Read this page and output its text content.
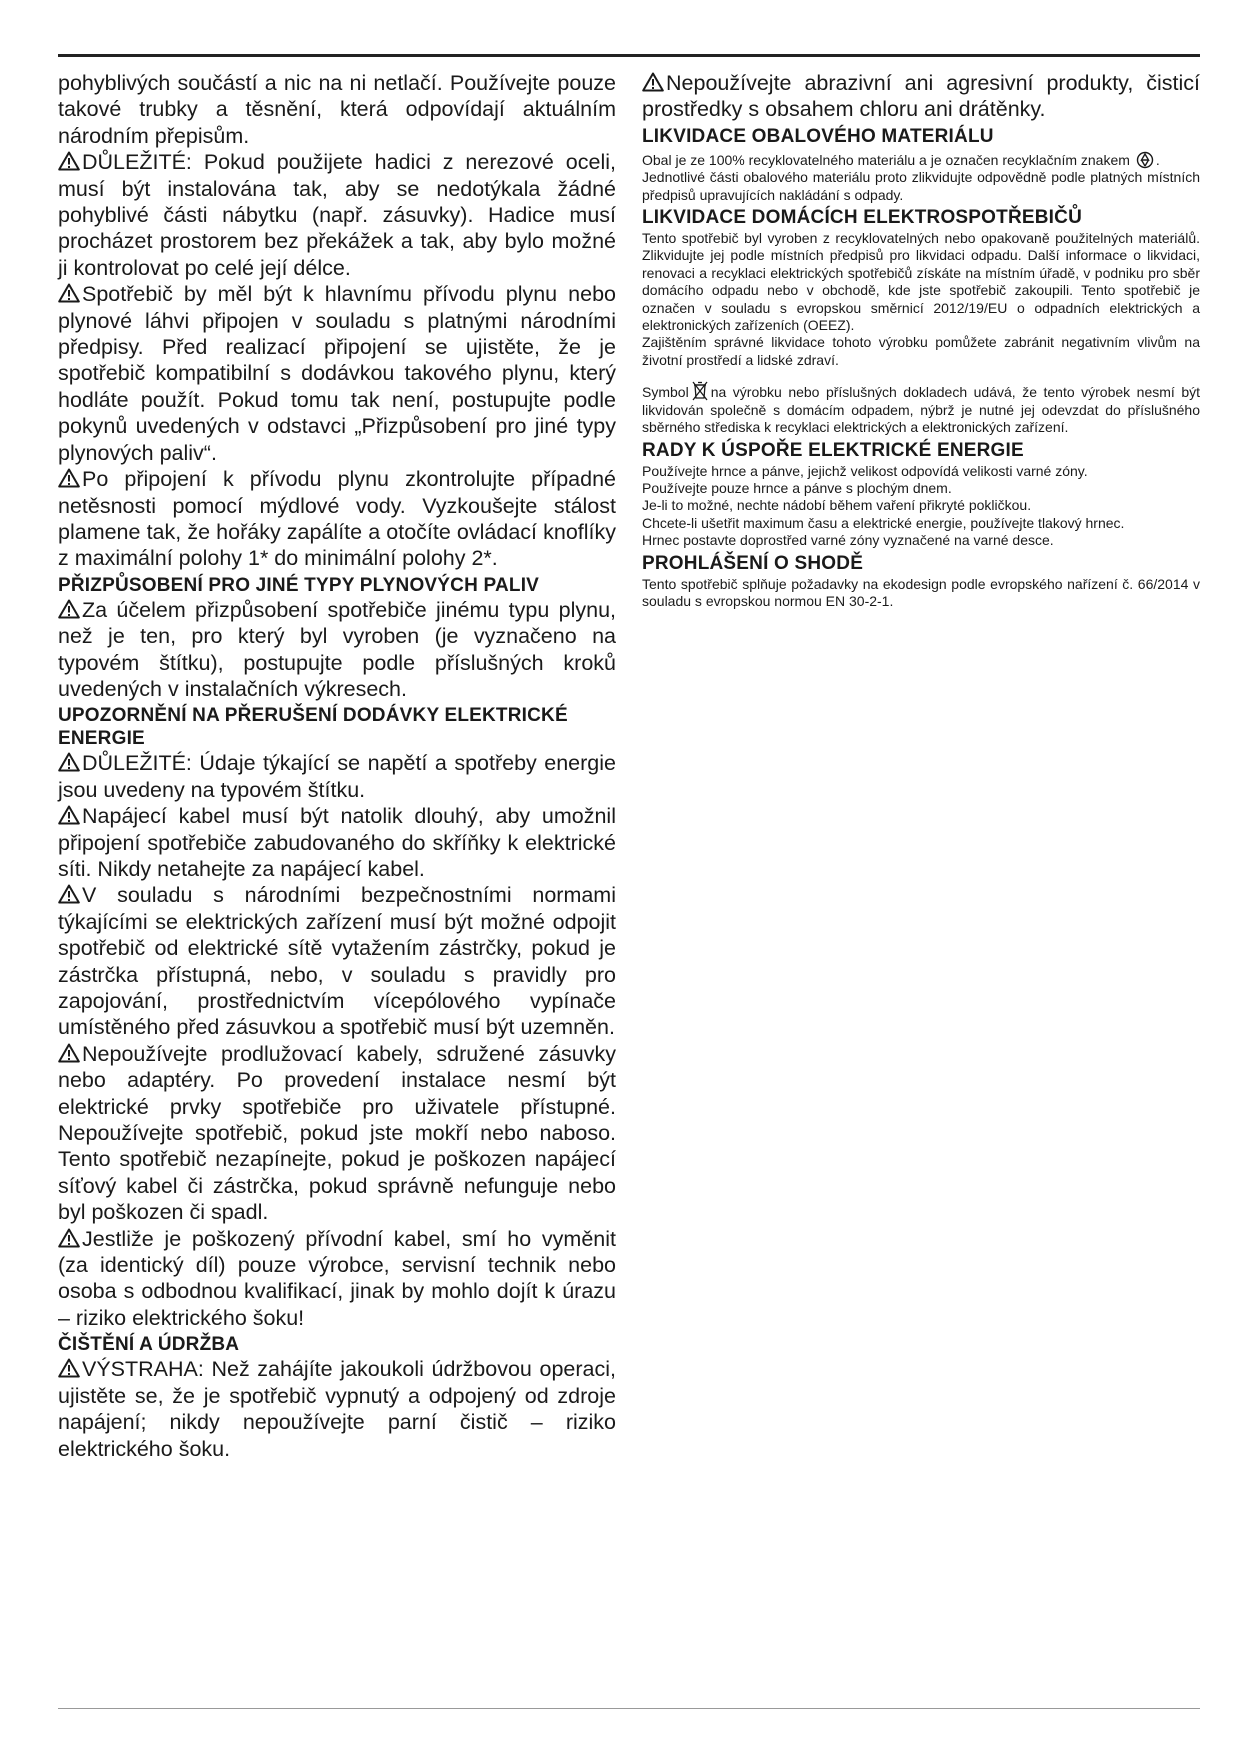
pohyblivých součástí a nic na ni netlačí. Používejte pouze takové trubky a těsnění, která odpovídají aktuálním národním přepisům.

DŮLEŽITÉ: Pokud použijete hadici z nerezové oceli, musí být instalována tak, aby se nedotýkala žádné pohyblivé části nábytku (např. zásuvky). Hadice musí procházet prostorem bez překážek a tak, aby bylo možné ji kontrolovat po celé její délce.

Spotřebič by měl být k hlavnímu přívodu plynu nebo plynové láhvi připojen v souladu s platnými národními předpisy. Před realizací připojení se ujistěte, že je spotřebič kompatibilní s dodávkou takového plynu, který hodláte použít. Pokud tomu tak není, postupujte podle pokynů uvedených v odstavci „Přizpůsobení pro jiné typy plynových paliv“.

Po připojení k přívodu plynu zkontrolujte případné netěsnosti pomocí mýdlové vody. Vyzkoušejte stálost plamene tak, že hořáky zapálíte a otočíte ovládací knoflíky z maximální polohy 1* do minimální polohy 2*.

PŘIZPŮSOBENÍ PRO JINÉ TYPY PLYNOVÝCH PALIV

Za účelem přizpůsobení spotřebiče jinému typu plynu, než je ten, pro který byl vyroben (je vyznačeno na typovém štítku), postupujte podle příslušných kroků uvedených v instalačních výkresech.

UPOZORNĚNÍ NA PŘERUŠENÍ DODÁVKY ELEKTRICKÉ ENERGIE

DŮLEŽITÉ: Údaje týkající se napětí a spotřeby energie jsou uvedeny na typovém štítku.

Napájecí kabel musí být natolik dlouhý, aby umožnil připojení spotřebiče zabudovaného do skříňky k elektrické síti. Nikdy netahejte za napájecí kabel.

V souladu s národními bezpečnostními normami týkajícími se elektrických zařízení musí být možné odpojit spotřebič od elektrické sítě vytažením zástrčky, pokud je zástrčka přístupná, nebo, v souladu s pravidly pro zapojování, prostřednictvím vícepólového vypínače umístěného před zásuvkou a spotřebič musí být uzemněn.

Nepoužívejte prodlužovací kabely, sdružené zásuvky nebo adaptéry. Po provedení instalace nesmí být elektrické prvky spotřebiče pro uživatele přístupné. Nepoužívejte spotřebič, pokud jste mokří nebo naboso. Tento spotřebič nezapínejte, pokud je poškozen napájecí síťový kabel či zástrčka, pokud správně nefunguje nebo byl poškozen či spadl.

Jestliže je poškozený přívodní kabel, smí ho vyměnit (za identický díl) pouze výrobce, servisní technik nebo osoba s odbodnou kvalifikací, jinak by mohlo dojít k úrazu – riziko elektrického šoku!

ČIŠTĚNÍ A ÚDRŽBA

VÝSTRAHA: Než zahájíte jakoukoli údržbovou operaci, ujistěte se, že je spotřebič vypnutý a odpojený od zdroje napájení; nikdy nepoužívejte parní čistič – riziko elektrického šoku.

Nepoužívejte abrazivní ani agresivní produkty, čisticí prostředky s obsahem chloru ani drátěnky.

LIKVIDACE OBALOVÉHO MATERIÁLU

Obal je ze 100% recyklovatelného materiálu a je označen recyklačním znakem .

Jednotlivé části obalového materiálu proto zlikvidujte odpovědně podle platných místních předpisů upravujících nakládání s odpady.

LIKVIDACE DOMÁCÍCH ELEKTROSPOTŘEBIČŮ

Tento spotřebič byl vyroben z recyklovatelných nebo opakovaně použitelných materiálů. Zlikvidujte jej podle místních předpisů pro likvidaci odpadu. Další informace o likvidaci, renovaci a recyklaci elektrických spotřebičů získáte na místním úřadě, v podniku pro sběr domácího odpadu nebo v obchodě, kde jste spotřebič zakoupili. Tento spotřebič je označen v souladu s evropskou směrnicí 2012/19/EU o odpadních elektrických a elektronických zařízeních (OEEZ).

Zajištěním správné likvidace tohoto výrobku pomůžete zabránit negativním vlivům na životní prostředí a lidské zdraví.

Symbol na výrobku nebo příslušných dokladech udává, že tento výrobek nesmí být likvidován společně s domácím odpadem, nýbrž je nutné jej odevzdat do příslušného sběrného střediska k recyklaci elektrických a elektronických zařízení.

RADY K ÚSPOŘE ELEKTRICKÉ ENERGIE

Používejte hrnce a pánve, jejichž velikost odpovídá velikosti varné zóny.

Používejte pouze hrnce a pánve s plochým dnem.

Je-li to možné, nechte nádobí během vaření přikryté pokličkou.

Chcete-li ušetřit maximum času a elektrické energie, používejte tlakový hrnec.

Hrnec postavte doprostřed varné zóny vyznačené na varné desce.

PROHLÁŠENÍ O SHODĚ

Tento spotřebič splňuje požadavky na ekodesign podle evropského nařízení č. 66/2014 v souladu s evropskou normou EN 30-2-1.
